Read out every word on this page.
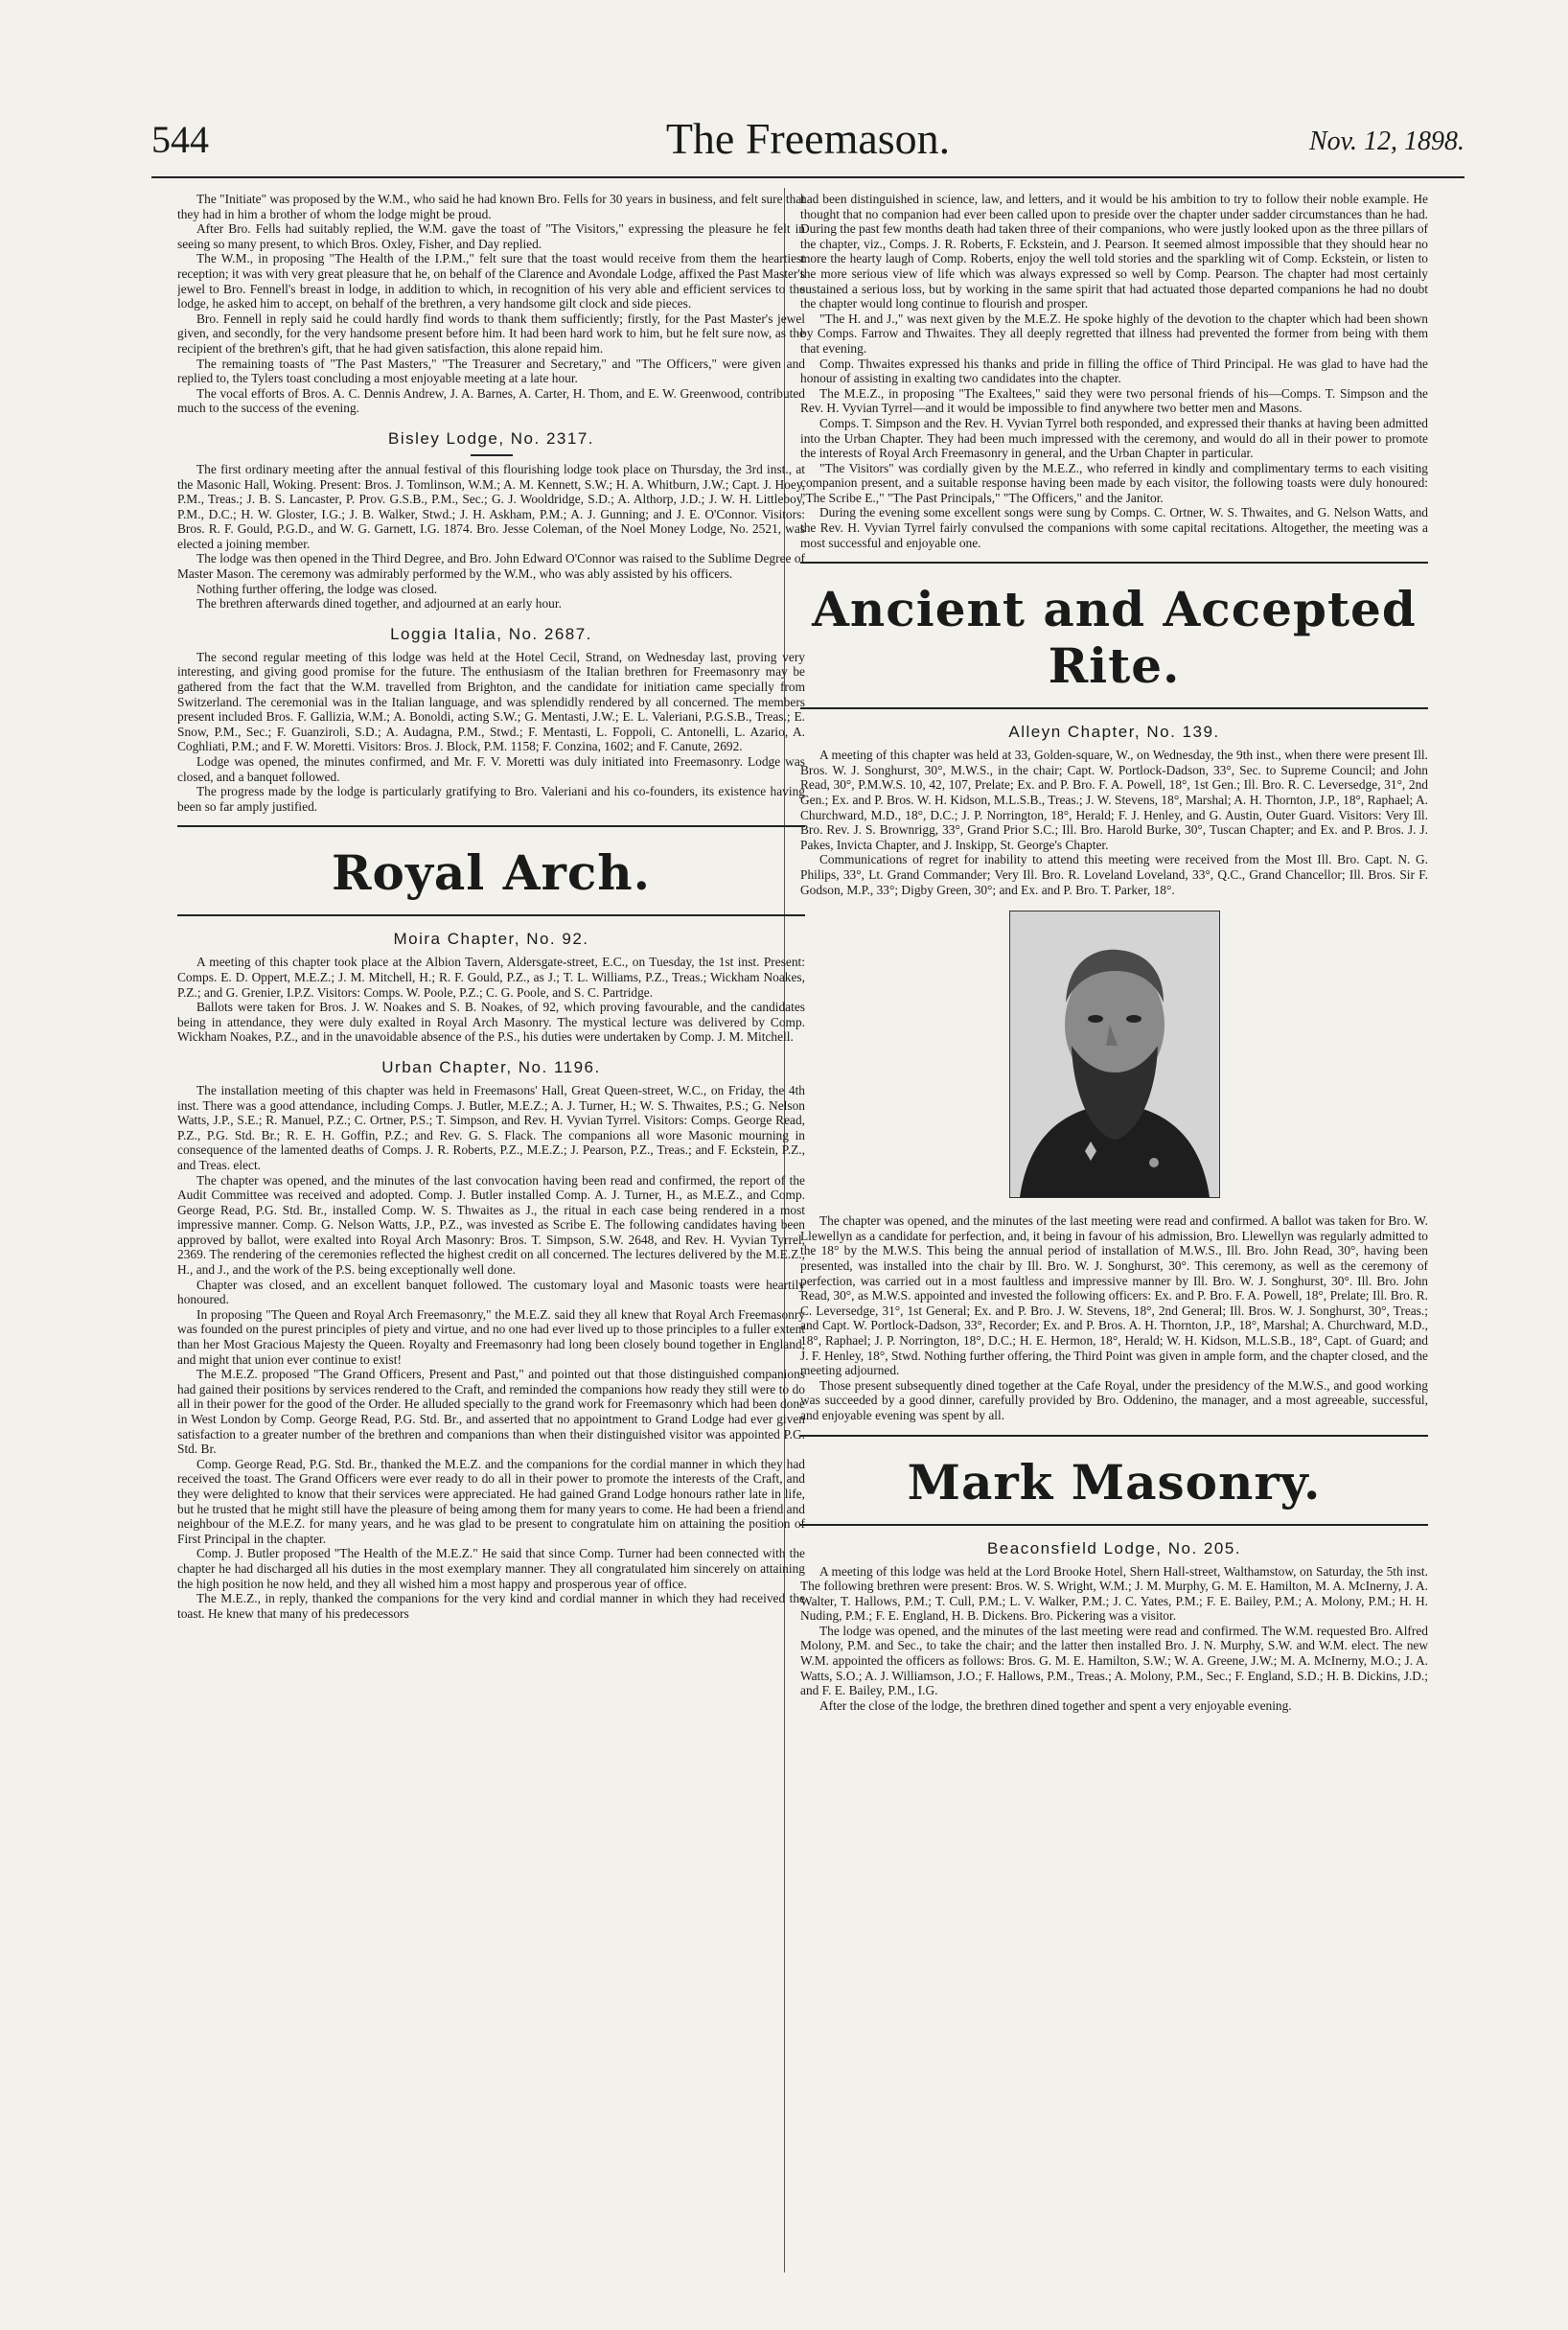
544	The Freemason.	Nov. 12, 1898.

The "Initiate" was proposed by the W.M., who said he had known Bro. Fells for 30 years in business, and felt sure that they had in him a brother of whom the lodge might be proud.

After Bro. Fells had suitably replied, the W.M. gave the toast of "The Visitors," expressing the pleasure he felt in seeing so many present, to which Bros. Oxley, Fisher, and Day replied.

The W.M., in proposing "The Health of the I.P.M.," felt sure that the toast would receive from them the heartiest reception; it was with very great pleasure that he, on behalf of the Clarence and Avondale Lodge, affixed the Past Master's jewel to Bro. Fennell's breast in lodge, in addition to which, in recognition of his very able and efficient services to the lodge, he asked him to accept, on behalf of the brethren, a very handsome gilt clock and side pieces.

Bro. Fennell in reply said he could hardly find words to thank them sufficiently; firstly, for the Past Master's jewel given, and secondly, for the very handsome present before him. It had been hard work to him, but he felt sure now, as the recipient of the brethren's gift, that he had given satisfaction, this alone repaid him.

The remaining toasts of "The Past Masters," "The Treasurer and Secretary," and "The Officers," were given and replied to, the Tylers toast concluding a most enjoyable meeting at a late hour.

The vocal efforts of Bros. A. C. Dennis Andrew, J. A. Barnes, A. Carter, H. Thom, and E. W. Greenwood, contributed much to the success of the evening.

Bisley Lodge, No. 2317.

The first ordinary meeting after the annual festival of this flourishing lodge took place on Thursday, the 3rd inst., at the Masonic Hall, Woking. Present: Bros. J. Tomlinson, W.M.; A. M. Kennett, S.W.; H. A. Whitburn, J.W.; Capt. J. Hoey, P.M., Treas.; J. B. S. Lancaster, P. Prov. G.S.B., P.M., Sec.; G. J. Wooldridge, S.D.; A. Althorp, J.D.; J. W. H. Littleboy, P.M., D.C.; H. W. Gloster, I.G.; J. B. Walker, Stwd.; J. H. Askham, P.M.; A. J. Gunning; and J. E. O'Connor. Visitors: Bros. R. F. Gould, P.G.D., and W. G. Garnett, I.G. 1874. Bro. Jesse Coleman, of the Noel Money Lodge, No. 2521, was elected a joining member.

The lodge was then opened in the Third Degree, and Bro. John Edward O'Connor was raised to the Sublime Degree of Master Mason. The ceremony was admirably performed by the W.M., who was ably assisted by his officers.

Nothing further offering, the lodge was closed.

The brethren afterwards dined together, and adjourned at an early hour.

Loggia Italia, No. 2687.

The second regular meeting of this lodge was held at the Hotel Cecil, Strand, on Wednesday last, proving very interesting, and giving good promise for the future. The enthusiasm of the Italian brethren for Freemasonry may be gathered from the fact that the W.M. travelled from Brighton, and the candidate for initiation came specially from Switzerland. The ceremonial was in the Italian language, and was splendidly rendered by all concerned. The members present included Bros. F. Gallizia, W.M.; A. Bonoldi, acting S.W.; G. Mentasti, J.W.; E. L. Valeriani, P.G.S.B., Treas.; E. Snow, P.M., Sec.; F. Guanziroli, S.D.; A. Audagna, P.M., Stwd.; F. Mentasti, L. Foppoli, C. Antonelli, L. Azario, A. Coghliati, P.M.; and F. W. Moretti. Visitors: Bros. J. Block, P.M. 1158; F. Conzina, 1602; and F. Canute, 2692.

Lodge was opened, the minutes confirmed, and Mr. F. V. Moretti was duly initiated into Freemasonry. Lodge was closed, and a banquet followed.

The progress made by the lodge is particularly gratifying to Bro. Valeriani and his co-founders, its existence having been so far amply justified.

Royal Arch.
Moira Chapter, No. 92.

A meeting of this chapter took place at the Albion Tavern, Aldersgate-street, E.C., on Tuesday, the 1st inst. Present: Comps. E. D. Oppert, M.E.Z.; J. M. Mitchell, H.; R. F. Gould, P.Z., as J.; T. L. Williams, P.Z., Treas.; Wickham Noakes, P.Z.; and G. Grenier, I.P.Z. Visitors: Comps. W. Poole, P.Z.; C. G. Poole, and S. C. Partridge.

Ballots were taken for Bros. J. W. Noakes and S. B. Noakes, of 92, which proving favourable, and the candidates being in attendance, they were duly exalted in Royal Arch Masonry. The mystical lecture was delivered by Comp. Wickham Noakes, P.Z., and in the unavoidable absence of the P.S., his duties were undertaken by Comp. J. M. Mitchell.

Urban Chapter, No. 1196.

The installation meeting of this chapter was held in Freemasons' Hall, Great Queen-street, W.C., on Friday, the 4th inst. There was a good attendance, including Comps. J. Butler, M.E.Z.; A. J. Turner, H.; W. S. Thwaites, P.S.; G. Nelson Watts, J.P., S.E.; R. Manuel, P.Z.; C. Ortner, P.S.; T. Simpson, and Rev. H. Vyvian Tyrrel. Visitors: Comps. George Read, P.Z., P.G. Std. Br.; R. E. H. Goffin, P.Z.; and Rev. G. S. Flack. The companions all wore Masonic mourning in consequence of the lamented deaths of Comps. J. R. Roberts, P.Z., M.E.Z.; J. Pearson, P.Z., Treas.; and F. Eckstein, P.Z., and Treas. elect.

The chapter was opened, and the minutes of the last convocation having been read and confirmed, the report of the Audit Committee was received and adopted. Comp. J. Butler installed Comp. A. J. Turner, H., as M.E.Z., and Comp. George Read, P.G. Std. Br., installed Comp. W. S. Thwaites as J., the ritual in each case being rendered in a most impressive manner. Comp. G. Nelson Watts, J.P., P.Z., was invested as Scribe E. The following candidates having been approved by ballot, were exalted into Royal Arch Masonry: Bros. T. Simpson, S.W. 2648, and Rev. H. Vyvian Tyrrel, 2369. The rendering of the ceremonies reflected the highest credit on all concerned. The lectures delivered by the M.E.Z., H., and J., and the work of the P.S. being exceptionally well done.

Chapter was closed, and an excellent banquet followed. The customary loyal and Masonic toasts were heartily honoured.

In proposing "The Queen and Royal Arch Freemasonry," the M.E.Z. said they all knew that Royal Arch Freemasonry was founded on the purest principles of piety and virtue, and no one had ever lived up to those principles to a fuller extent than her Most Gracious Majesty the Queen. Royalty and Freemasonry had long been closely bound together in England, and might that union ever continue to exist!

The M.E.Z. proposed "The Grand Officers, Present and Past," and pointed out that those distinguished companions had gained their positions by services rendered to the Craft, and reminded the companions how ready they still were to do all in their power for the good of the Order. He alluded specially to the grand work for Freemasonry which had been done in West London by Comp. George Read, P.G. Std. Br., and asserted that no appointment to Grand Lodge had ever given satisfaction to a greater number of the brethren and companions than when their distinguished visitor was appointed P.G. Std. Br.

Comp. George Read, P.G. Std. Br., thanked the M.E.Z. and the companions for the cordial manner in which they had received the toast. The Grand Officers were ever ready to do all in their power to promote the interests of the Craft, and they were delighted to know that their services were appreciated. He had gained Grand Lodge honours rather late in life, but he trusted that he might still have the pleasure of being among them for many years to come. He had been a friend and neighbour of the M.E.Z. for many years, and he was glad to be present to congratulate him on attaining the position of First Principal in the chapter.

Comp. J. Butler proposed "The Health of the M.E.Z." He said that since Comp. Turner had been connected with the chapter he had discharged all his duties in the most exemplary manner. They all congratulated him sincerely on attaining the high position he now held, and they all wished him a most happy and prosperous year of office.

The M.E.Z., in reply, thanked the companions for the very kind and cordial manner in which they had received the toast. He knew that many of his predecessors

had been distinguished in science, law, and letters, and it would be his ambition to try to follow their noble example. He thought that no companion had ever been called upon to preside over the chapter under sadder circumstances than he had. During the past few months death had taken three of their companions, who were justly looked upon as the three pillars of the chapter, viz., Comps. J. R. Roberts, F. Eckstein, and J. Pearson. It seemed almost impossible that they should hear no more the hearty laugh of Comp. Roberts, enjoy the well told stories and the sparkling wit of Comp. Eckstein, or listen to the more serious view of life which was always expressed so well by Comp. Pearson. The chapter had most certainly sustained a serious loss, but by working in the same spirit that had actuated those departed companions he had no doubt the chapter would long continue to flourish and prosper.

"The H. and J.," was next given by the M.E.Z. He spoke highly of the devotion to the chapter which had been shown by Comps. Farrow and Thwaites. They all deeply regretted that illness had prevented the former from being with them that evening.

Comp. Thwaites expressed his thanks and pride in filling the office of Third Principal. He was glad to have had the honour of assisting in exalting two candidates into the chapter.

The M.E.Z., in proposing "The Exaltees," said they were two personal friends of his—Comps. T. Simpson and the Rev. H. Vyvian Tyrrel—and it would be impossible to find anywhere two better men and Masons.

Comps. T. Simpson and the Rev. H. Vyvian Tyrrel both responded, and expressed their thanks at having been admitted into the Urban Chapter. They had been much impressed with the ceremony, and would do all in their power to promote the interests of Royal Arch Freemasonry in general, and the Urban Chapter in particular.

"The Visitors" was cordially given by the M.E.Z., who referred in kindly and complimentary terms to each visiting companion present, and a suitable response having been made by each visitor, the following toasts were duly honoured: "The Scribe E.," "The Past Principals," "The Officers," and the Janitor.

During the evening some excellent songs were sung by Comps. C. Ortner, W. S. Thwaites, and G. Nelson Watts, and the Rev. H. Vyvian Tyrrel fairly convulsed the companions with some capital recitations. Altogether, the meeting was a most successful and enjoyable one.

Ancient and Accepted Rite.
Alleyn Chapter, No. 139.

A meeting of this chapter was held at 33, Golden-square, W., on Wednesday, the 9th inst., when there were present Ill. Bros. W. J. Songhurst, 30°, M.W.S., in the chair; Capt. W. Portlock-Dadson, 33°, Sec. to Supreme Council; and John Read, 30°, P.M.W.S. 10, 42, 107, Prelate; Ex. and P. Bro. F. A. Powell, 18°, 1st Gen.; Ill. Bro. R. C. Leversedge, 31°, 2nd Gen.; Ex. and P. Bros. W. H. Kidson, M.L.S.B., Treas.; J. W. Stevens, 18°, Marshal; A. H. Thornton, J.P., 18°, Raphael; A. Churchward, M.D., 18°, D.C.; J. P. Norrington, 18°, Herald; F. J. Henley, and G. Austin, Outer Guard. Visitors: Very Ill. Bro. Rev. J. S. Brownrigg, 33°, Grand Prior S.C.; Ill. Bro. Harold Burke, 30°, Tuscan Chapter; and Ex. and P. Bros. J. J. Pakes, Invicta Chapter, and J. Inskipp, St. George's Chapter.

Communications of regret for inability to attend this meeting were received from the Most Ill. Bro. Capt. N. G. Philips, 33°, Lt. Grand Commander; Very Ill. Bro. R. Loveland Loveland, 33°, Q.C., Grand Chancellor; Ill. Bros. Sir F. Godson, M.P., 33°; Digby Green, 30°; and Ex. and P. Bro. T. Parker, 18°.

The chapter was opened, and the minutes of the last meeting were read and confirmed. A ballot was taken for Bro. W. Llewellyn as a candidate for perfection, and, it being in favour of his admission, Bro. Llewellyn was regularly admitted to the 18° by the M.W.S. This being the annual period of installation of M.W.S., Ill. Bro. John Read, 30°, having been presented, was installed into the chair by Ill. Bro. W. J. Songhurst, 30°. This ceremony, as well as the ceremony of perfection, was carried out in a most faultless and impressive manner by Ill. Bro. W. J. Songhurst, 30°. Ill. Bro. John Read, 30°, as M.W.S. appointed and invested the following officers: Ex. and P. Bro. F. A. Powell, 18°, Prelate; Ill. Bro. R. C. Leversedge, 31°, 1st General; Ex. and P. Bro. J. W. Stevens, 18°, 2nd General; Ill. Bros. W. J. Songhurst, 30°, Treas.; and Capt. W. Portlock-Dadson, 33°, Recorder; Ex. and P. Bros. A. H. Thornton, J.P., 18°, Marshal; A. Churchward, M.D., 18°, Raphael; J. P. Norrington, 18°, D.C.; H. E. Hermon, 18°, Herald; W. H. Kidson, M.L.S.B., 18°, Capt. of Guard; and J. F. Henley, 18°, Stwd. Nothing further offering, the Third Point was given in ample form, and the chapter closed, and the meeting adjourned.

Those present subsequently dined together at the Cafe Royal, under the presidency of the M.W.S., and good working was succeeded by a good dinner, carefully provided by Bro. Oddenino, the manager, and a most agreeable, successful, and enjoyable evening was spent by all.

Mark Masonry.
Beaconsfield Lodge, No. 205.

A meeting of this lodge was held at the Lord Brooke Hotel, Shern Hall-street, Walthamstow, on Saturday, the 5th inst. The following brethren were present: Bros. W. S. Wright, W.M.; J. M. Murphy, G. M. E. Hamilton, M. A. McInerny, J. A. Walter, T. Hallows, P.M.; T. Cull, P.M.; L. V. Walker, P.M.; J. C. Yates, P.M.; F. E. Bailey, P.M.; A. Molony, P.M.; H. H. Nuding, P.M.; F. E. England, H. B. Dickens. Bro. Pickering was a visitor.

The lodge was opened, and the minutes of the last meeting were read and confirmed. The W.M. requested Bro. Alfred Molony, P.M. and Sec., to take the chair; and the latter then installed Bro. J. N. Murphy, S.W. and W.M. elect. The new W.M. appointed the officers as follows: Bros. G. M. E. Hamilton, S.W.; W. A. Greene, J.W.; M. A. McInerny, M.O.; J. A. Watts, S.O.; A. J. Williamson, J.O.; F. Hallows, P.M., Treas.; A. Molony, P.M., Sec.; F. England, S.D.; H. B. Dickins, J.D.; and F. E. Bailey, P.M., I.G.

After the close of the lodge, the brethren dined together and spent a very enjoyable evening.
